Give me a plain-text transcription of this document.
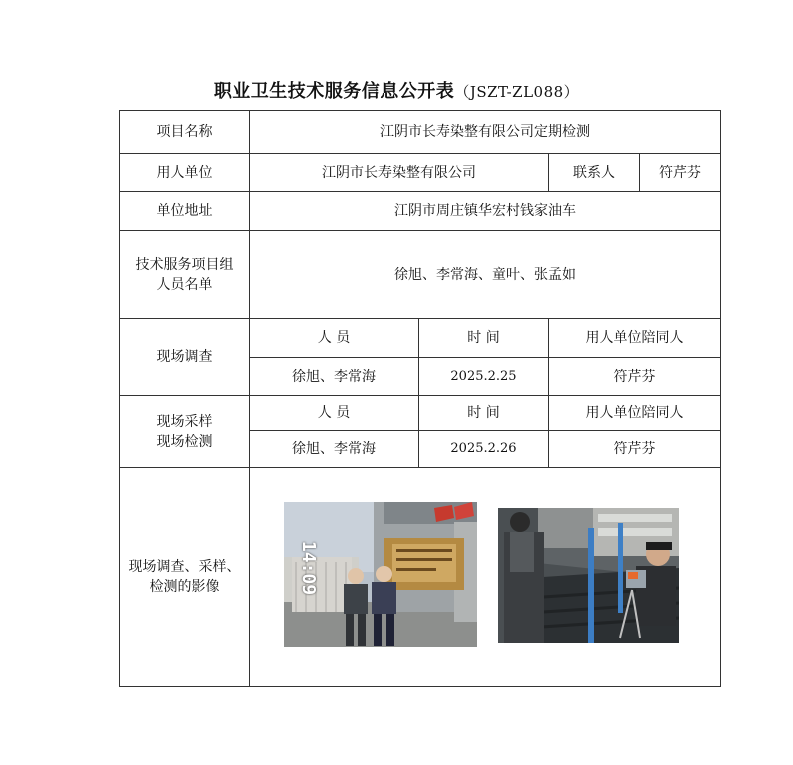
职业卫生技术服务信息公开表（JSZT-ZL088）
项目名称	江阴市长寿染整有限公司定期检测			
用人单位	江阴市长寿染整有限公司		联系人	符芹芬
单位地址	江阴市周庄镇华宏村钱家油车			

技术服务项目组
人员名单	徐旭、李常海、童叶、张孟如			
现场调查	人 员	时 间	用人单位陪同人	
	徐旭、李常海	2025.2.25	符芹芬	

现场采样
现场检测	人 员	时 间	用人单位陪同人	
	徐旭、李常海	2025.2.26	符芹芬	

现场调查、采样、
检测的影像	14:09			
